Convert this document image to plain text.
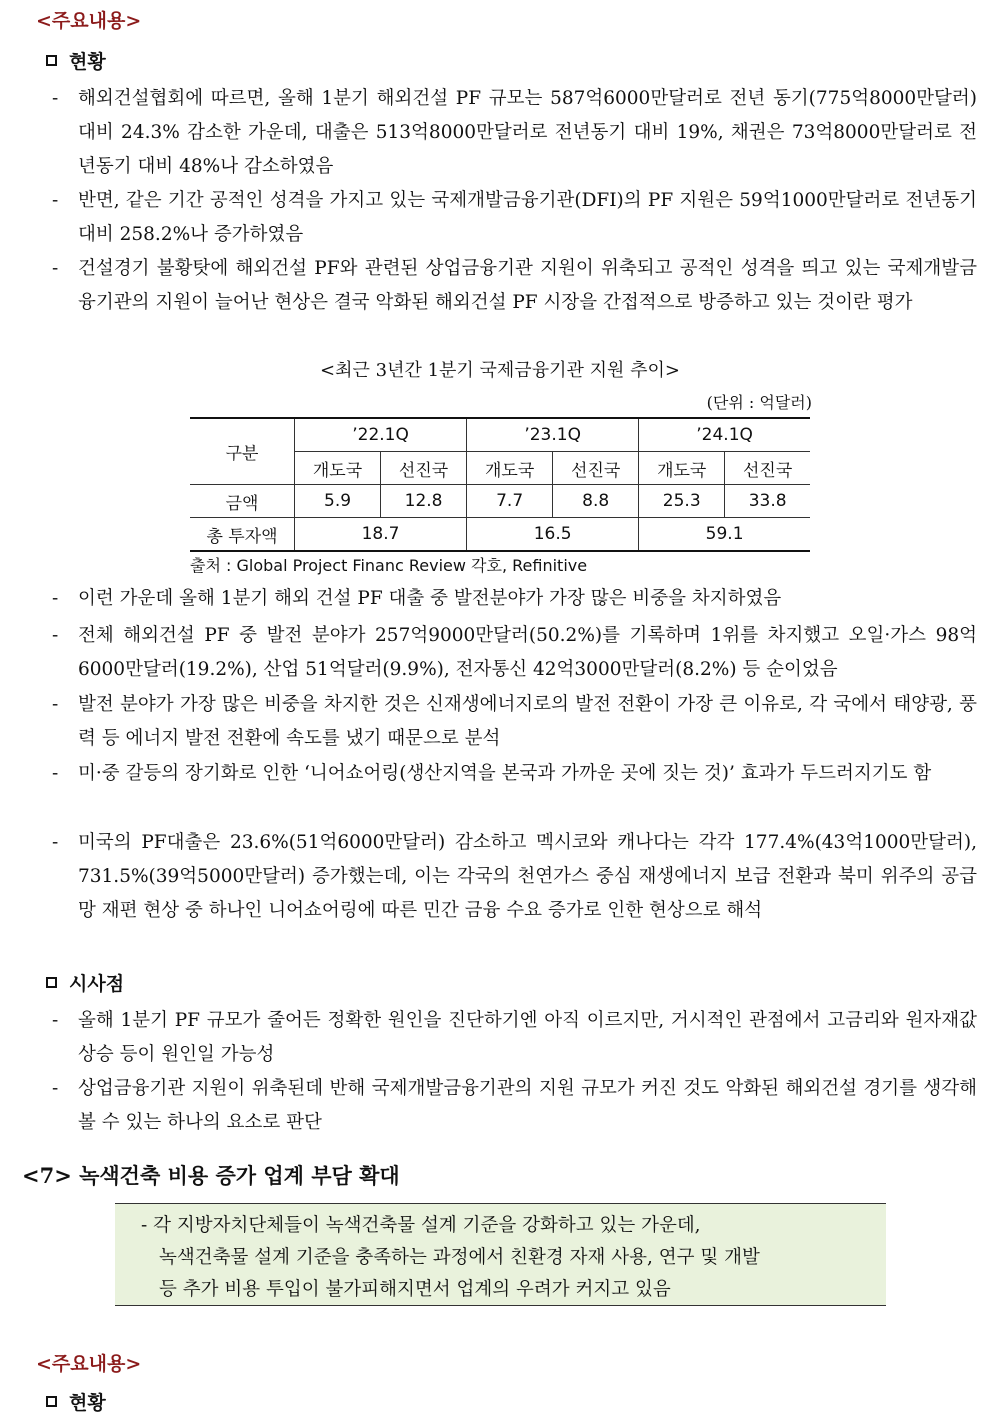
<주요내용>
현황
- 해외건설협회에 따르면, 올해 1분기 해외건설 PF 규모는 587억6000만달러로 전년 동기(775억8000만달러) 대비 24.3% 감소한 가운데, 대출은 513억8000만달러로 전년동기 대비 19%, 채권은 73억8000만달러로 전년동기 대비 48%나 감소하였음
- 반면, 같은 기간 공적인 성격을 가지고 있는 국제개발금융기관(DFI)의 PF 지원은 59억1000만달러로 전년동기 대비 258.2%나 증가하였음
- 건설경기 불황탓에 해외건설 PF와 관련된 상업금융기관 지원이 위축되고 공적인 성격을 띄고 있는 국제개발금융기관의 지원이 늘어난 현상은 결국 악화된 해외건설 PF 시장을 간접적으로 방증하고 있는 것이란 평가
<최근 3년간 1분기 국제금융기관 지원 추이>
(단위 : 억달러)
구분	’22.1Q		’23.1Q		’24.1Q	
	개도국	선진국	개도국	선진국	개도국	선진국
금액	5.9	12.8	7.7	8.8	25.3	33.8
총 투자액	18.7		16.5		59.1	
출처 : Global Project Financ Review 각호, Refinitive
- 이런 가운데 올해 1분기 해외 건설 PF 대출 중 발전분야가 가장 많은 비중을 차지하였음
- 전체 해외건설 PF 중 발전 분야가 257억9000만달러(50.2%)를 기록하며 1위를 차지했고 오일·가스 98억 6000만달러(19.2%), 산업 51억달러(9.9%), 전자통신 42억3000만달러(8.2%) 등 순이었음
- 발전 분야가 가장 많은 비중을 차지한 것은 신재생에너지로의 발전 전환이 가장 큰 이유로, 각 국에서 태양광, 풍력 등 에너지 발전 전환에 속도를 냈기 때문으로 분석
- 미·중 갈등의 장기화로 인한 ‘니어쇼어링(생산지역을 본국과 가까운 곳에 짓는 것)’ 효과가 두드러지기도 함
- 미국의 PF대출은 23.6%(51억6000만달러) 감소하고 멕시코와 캐나다는 각각 177.4%(43억1000만달러), 731.5%(39억5000만달러) 증가했는데, 이는 각국의 천연가스 중심 재생에너지 보급 전환과 북미 위주의 공급망 재편 현상 중 하나인 니어쇼어링에 따른 민간 금융 수요 증가로 인한 현상으로 해석
시사점
- 올해 1분기 PF 규모가 줄어든 정확한 원인을 진단하기엔 아직 이르지만, 거시적인 관점에서 고금리와 원자재값 상승 등이 원인일 가능성
- 상업금융기관 지원이 위축된데 반해 국제개발금융기관의 지원 규모가 커진 것도 악화된 해외건설 경기를 생각해볼 수 있는 하나의 요소로 판단
<7> 녹색건축 비용 증가 업계 부담 확대
- 각 지방자치단체들이 녹색건축물 설계 기준을 강화하고 있는 가운데,
녹색건축물 설계 기준을 충족하는 과정에서 친환경 자재 사용, 연구 및 개발
등 추가 비용 투입이 불가피해지면서 업계의 우려가 커지고 있음
<주요내용>
현황
